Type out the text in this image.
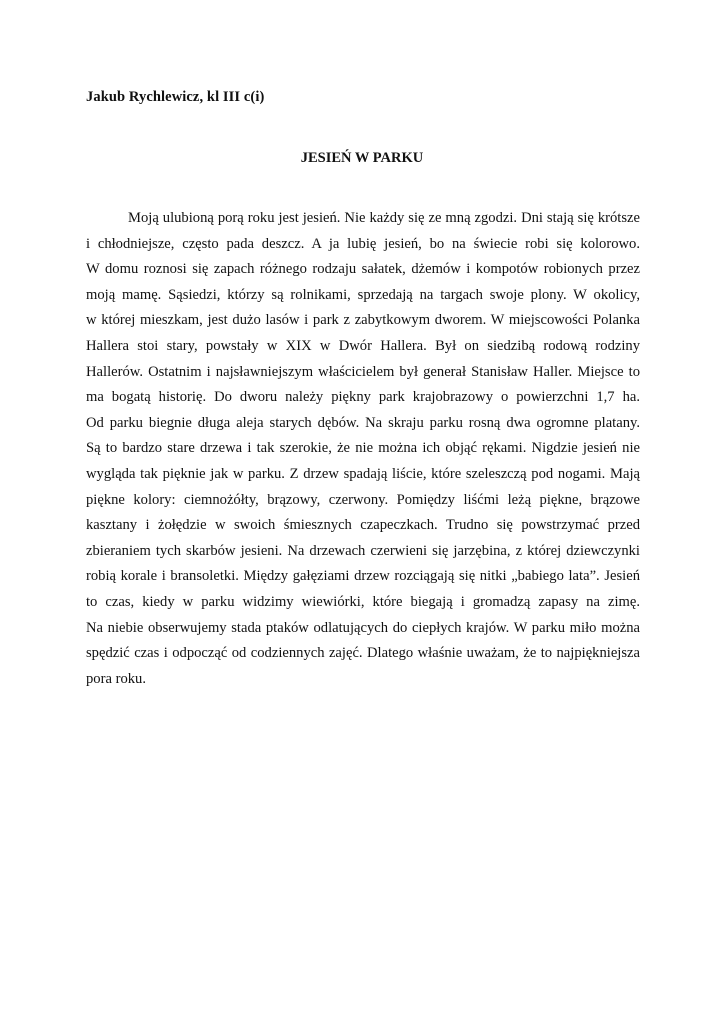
Jakub Rychlewicz, kl III c(i)
JESIEŃ W PARKU
Moją ulubioną porą roku jest jesień. Nie każdy się ze mną zgodzi. Dni stają się krótsze
i chłodniejsze, często pada deszcz. A ja lubię jesień, bo na świecie robi się kolorowo.
W domu roznosi się zapach różnego rodzaju sałatek, dżemów i kompotów robionych przez
moją mamę. Sąsiedzi, którzy są rolnikami, sprzedają na targach swoje plony. W okolicy,
w której mieszkam, jest dużo lasów i park z zabytkowym dworem. W miejscowości Polanka
Hallera stoi stary, powstały w XIX w Dwór Hallera. Był on siedzibą rodową rodziny
Hallerów. Ostatnim i najsławniejszym właścicielem był generał Stanisław Haller. Miejsce to
ma bogatą historię. Do dworu należy piękny park krajobrazowy o powierzchni 1,7 ha.
Od parku biegnie długa aleja starych dębów. Na skraju parku rosną dwa ogromne platany.
Są to bardzo stare drzewa i tak szerokie, że nie można ich objąć rękami. Nigdzie jesień nie
wygląda tak pięknie jak w parku. Z drzew spadają liście, które szeleszczą pod nogami. Mają
piękne kolory: ciemnożółty, brązowy, czerwony. Pomiędzy liśćmi leżą piękne, brązowe
kasztany i żołędzie w swoich śmiesznych czapeczkach. Trudno się powstrzymać przed
zbieraniem tych skarbów jesieni. Na drzewach czerwieni się jarzębina, z której dziewczynki
robią korale i bransoletki. Między gałęziami drzew rozciągają się nitki „babiego lata”. Jesień
to czas, kiedy w parku widzimy wiewiórki, które biegają i gromadzą zapasy na zimę.
Na niebie obserwujemy stada ptaków odlatujących do ciepłych krajów. W parku miło można
spędzić czas i odpocząć od codziennych zajęć. Dlatego właśnie uważam, że to najpiękniejsza
pora roku.
